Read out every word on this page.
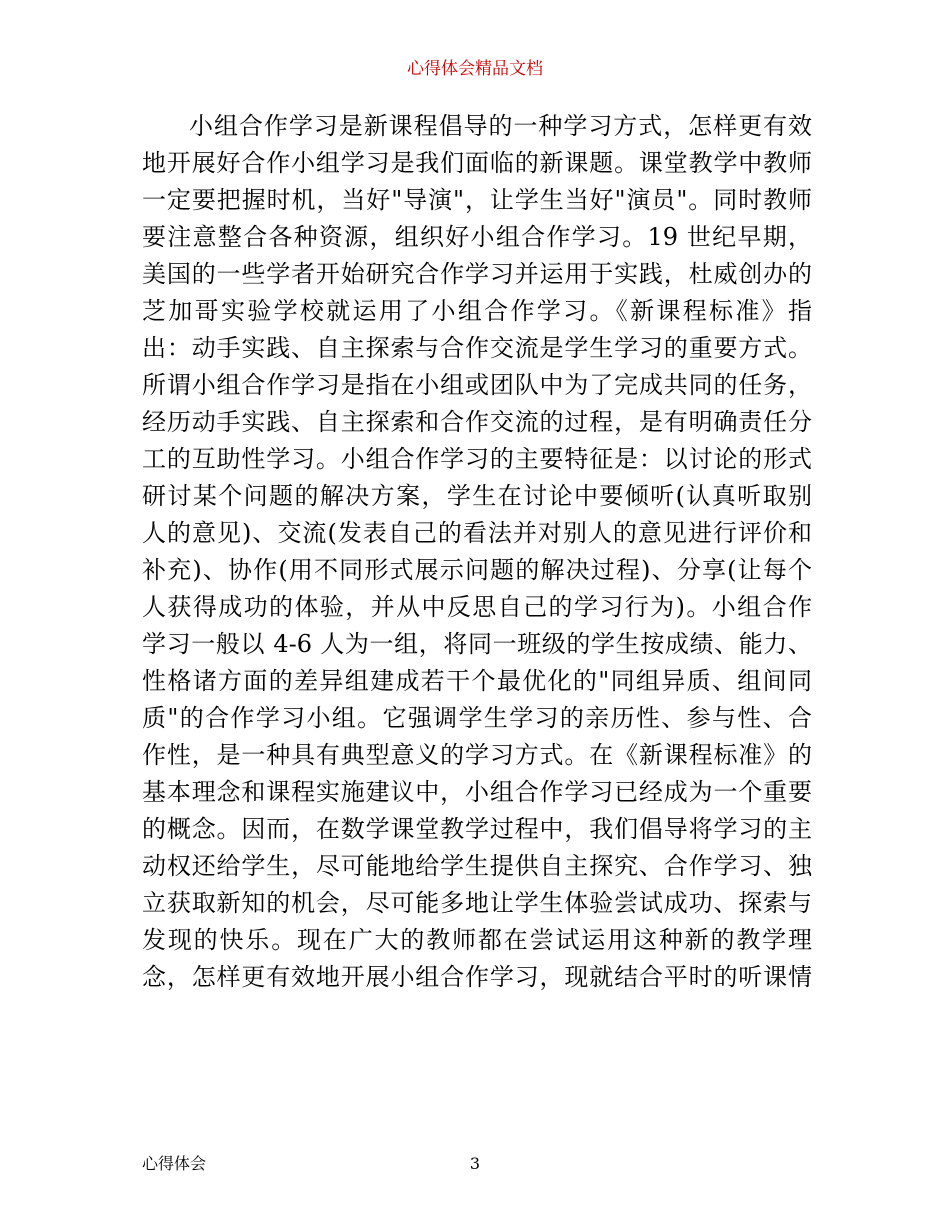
心得体会精品文档
小组合作学习是新课程倡导的一种学习方式，怎样更有效
地开展好合作小组学习是我们面临的新课题。课堂教学中教师
一定要把握时机，当好"导演"，让学生当好"演员"。同时教师
要注意整合各种资源，组织好小组合作学习。19 世纪早期，
美国的一些学者开始研究合作学习并运用于实践，杜威创办的
芝加哥实验学校就运用了小组合作学习。《新课程标准》指
出：动手实践、自主探索与合作交流是学生学习的重要方式。
所谓小组合作学习是指在小组或团队中为了完成共同的任务，
经历动手实践、自主探索和合作交流的过程，是有明确责任分
工的互助性学习。小组合作学习的主要特征是：以讨论的形式
研讨某个问题的解决方案，学生在讨论中要倾听(认真听取别
人的意见)、交流(发表自己的看法并对别人的意见进行评价和
补充)、协作(用不同形式展示问题的解决过程)、分享(让每个
人获得成功的体验，并从中反思自己的学习行为)。小组合作
学习一般以 4-6 人为一组，将同一班级的学生按成绩、能力、
性格诸方面的差异组建成若干个最优化的"同组异质、组间同
质"的合作学习小组。它强调学生学习的亲历性、参与性、合
作性，是一种具有典型意义的学习方式。在《新课程标准》的
基本理念和课程实施建议中，小组合作学习已经成为一个重要
的概念。因而，在数学课堂教学过程中，我们倡导将学习的主
动权还给学生，尽可能地给学生提供自主探究、合作学习、独
立获取新知的机会，尽可能多地让学生体验尝试成功、探索与
发现的快乐。现在广大的教师都在尝试运用这种新的教学理
念，怎样更有效地开展小组合作学习，现就结合平时的听课情
心得体会	3
